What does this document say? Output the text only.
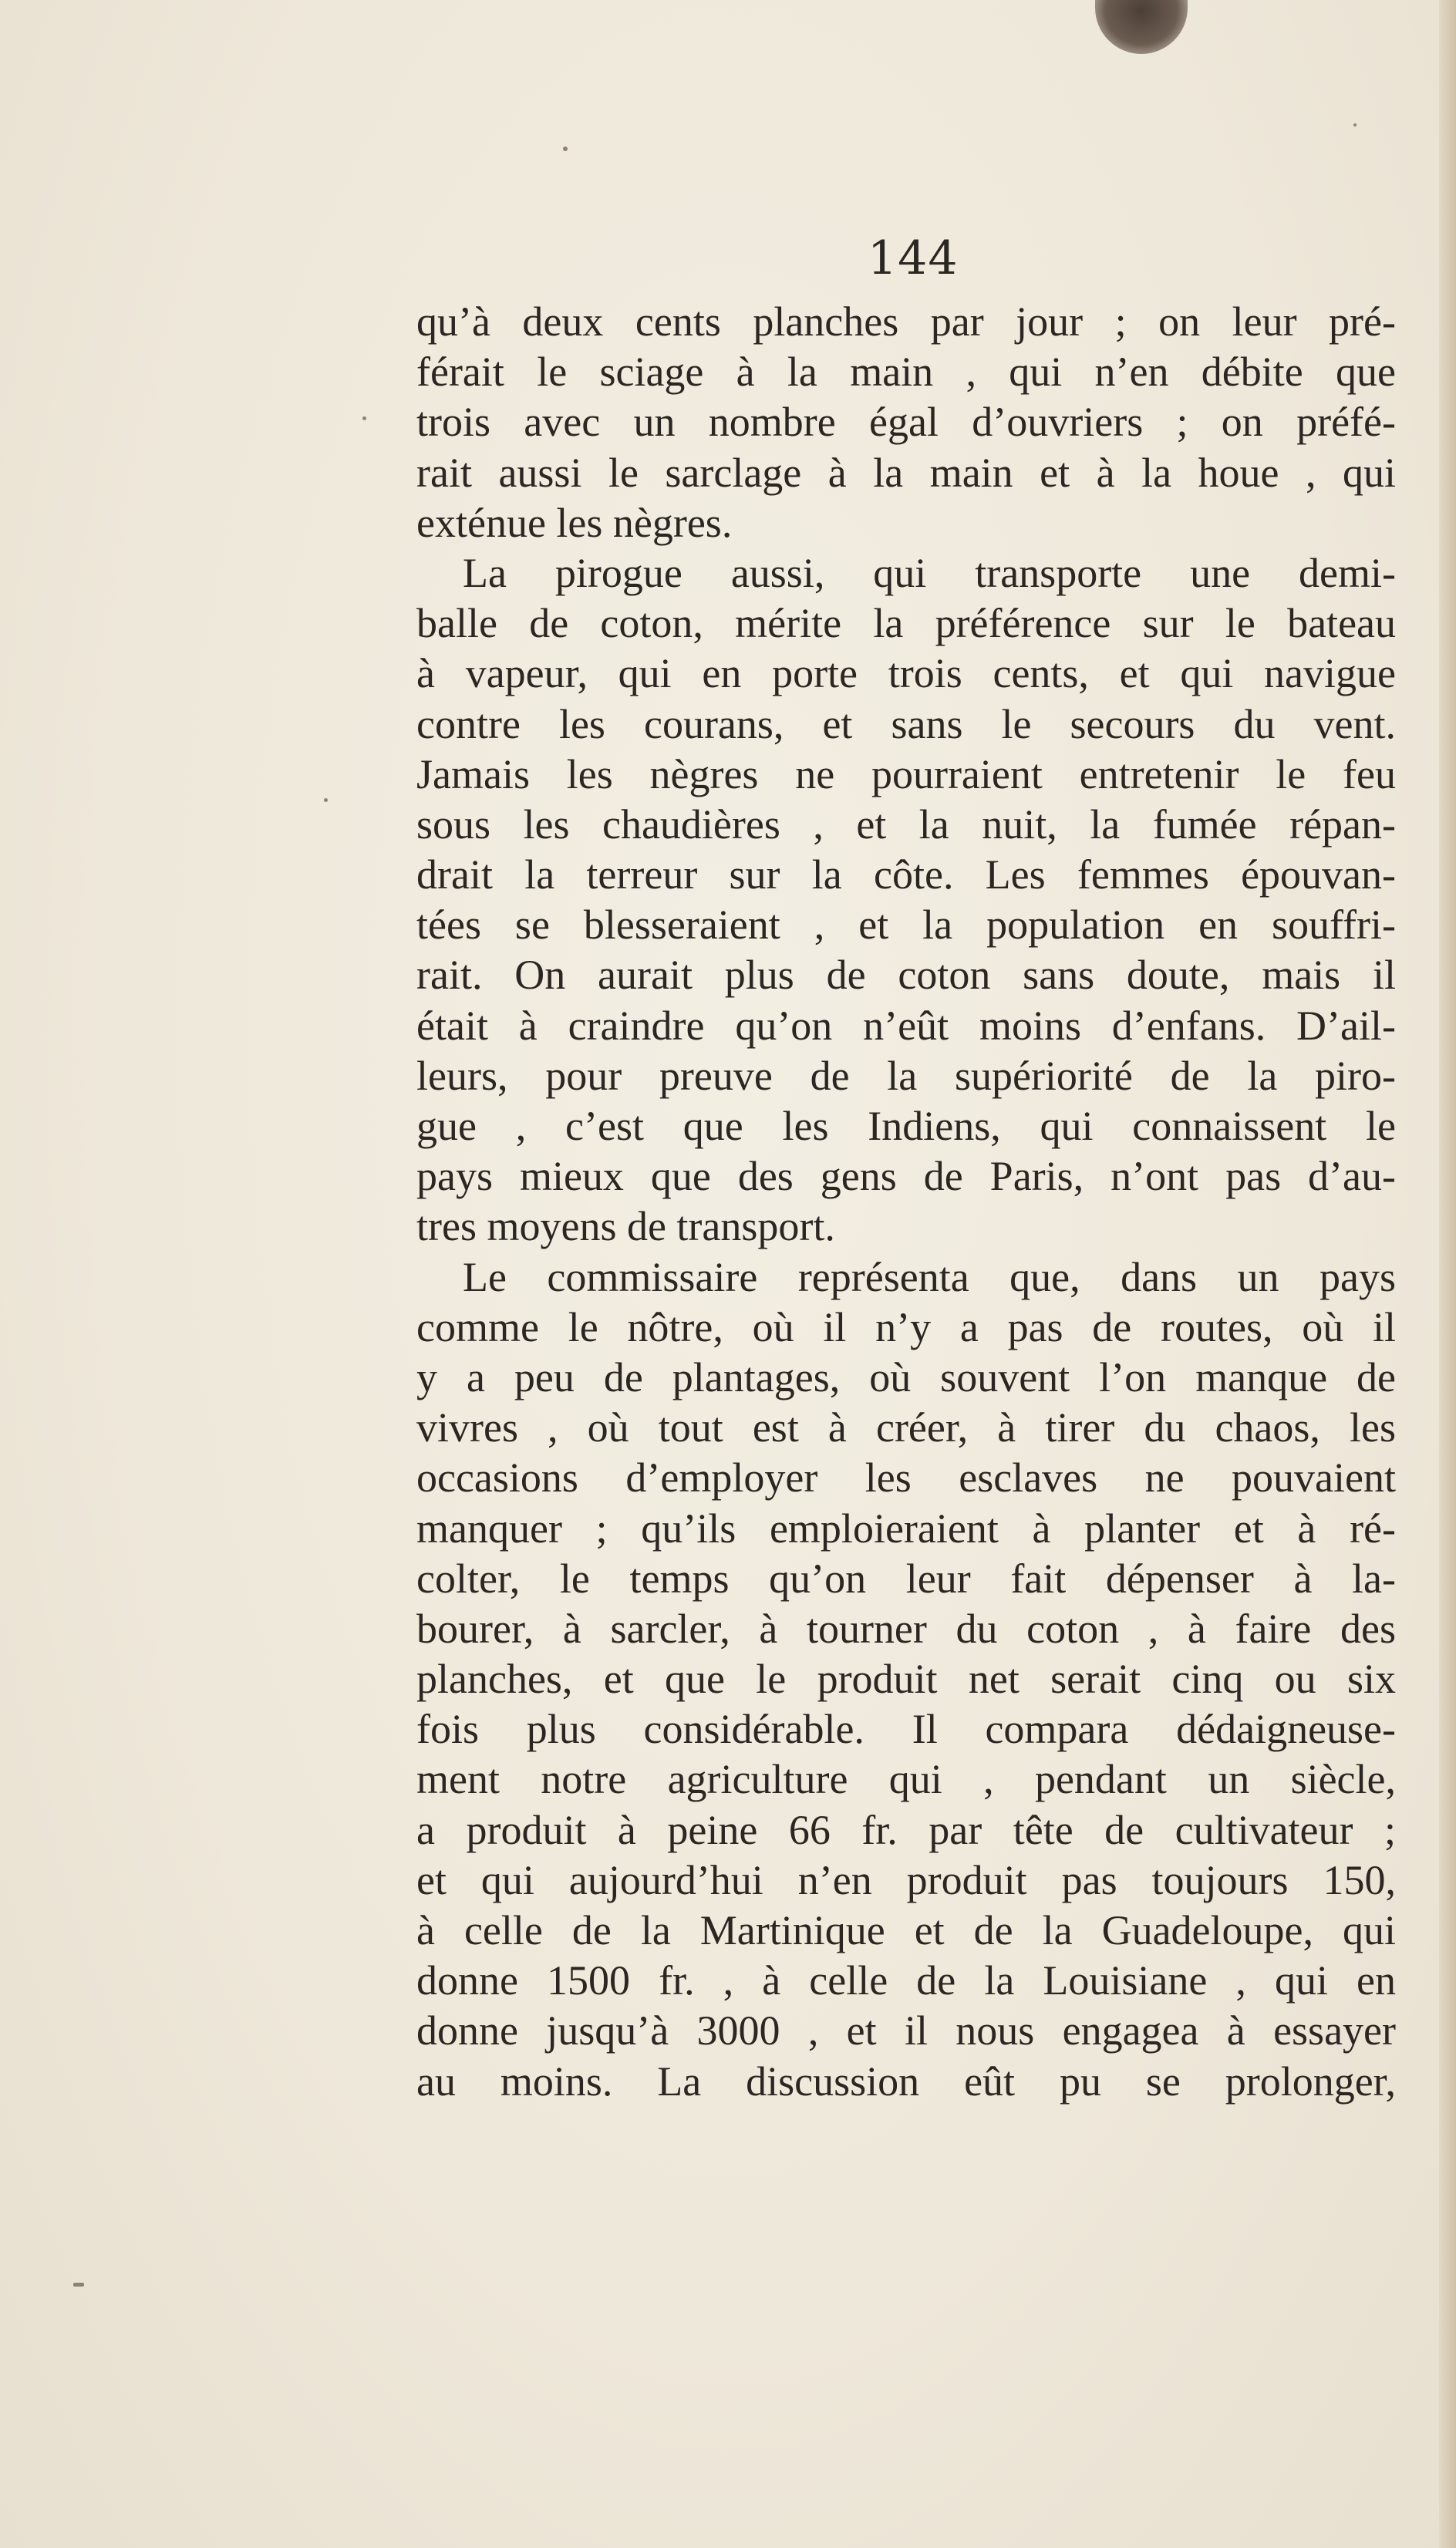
144
qu’à deux cents planches par jour ; on leur pré-
férait le sciage à la main , qui n’en débite que
trois avec un nombre égal d’ouvriers ; on préfé-
rait aussi le sarclage à la main et à la houe , qui
exténue les nègres.
La pirogue aussi, qui transporte une demi-
balle de coton, mérite la préférence sur le bateau
à vapeur, qui en porte trois cents, et qui navigue
contre les courans, et sans le secours du vent.
Jamais les nègres ne pourraient entretenir le feu
sous les chaudières , et la nuit, la fumée répan-
drait la terreur sur la côte. Les femmes épouvan-
tées se blesseraient , et la population en souffri-
rait. On aurait plus de coton sans doute, mais il
était à craindre qu’on n’eût moins d’enfans. D’ail-
leurs, pour preuve de la supériorité de la piro-
gue , c’est que les Indiens, qui connaissent le
pays mieux que des gens de Paris, n’ont pas d’au-
tres moyens de transport.
Le commissaire représenta que, dans un pays
comme le nôtre, où il n’y a pas de routes, où il
y a peu de plantages, où souvent l’on manque de
vivres , où tout est à créer, à tirer du chaos, les
occasions d’employer les esclaves ne pouvaient
manquer ; qu’ils emploieraient à planter et à ré-
colter, le temps qu’on leur fait dépenser à la-
bourer, à sarcler, à tourner du coton , à faire des
planches, et que le produit net serait cinq ou six
fois plus considérable. Il compara dédaigneuse-
ment notre agriculture qui , pendant un siècle,
a produit à peine 66 fr. par tête de cultivateur ;
et qui aujourd’hui n’en produit pas toujours 150,
à celle de la Martinique et de la Guadeloupe, qui
donne 1500 fr. , à celle de la Louisiane , qui en
donne jusqu’à 3000 , et il nous engagea à essayer
au moins. La discussion eût pu se prolonger,
